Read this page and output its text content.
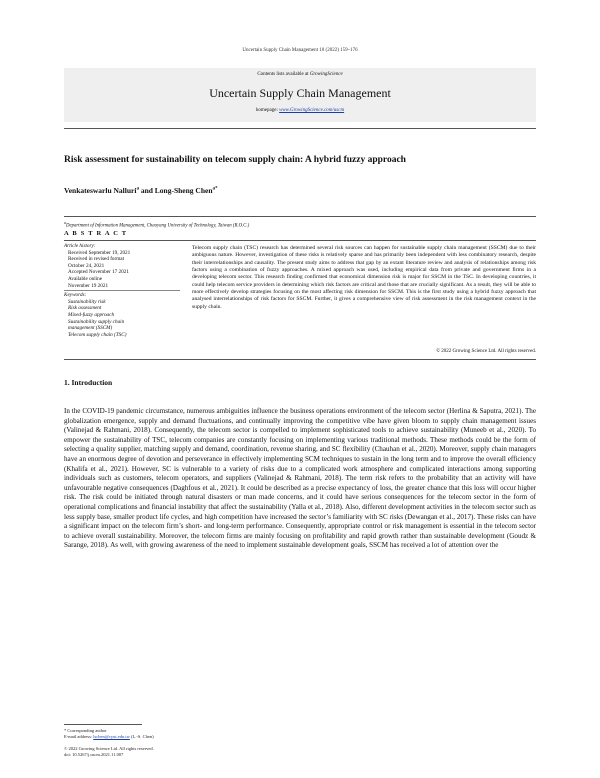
Uncertain Supply Chain Management 10 (2022) 159–176
Contents lists available at GrowingScience
Uncertain Supply Chain Management
homepage: www.GrowingScience.com/uscm
Risk assessment for sustainability on telecom supply chain: A hybrid fuzzy approach
Venkateswarlu Nalluri$^a$ and Long-Sheng Chen$^{a*}$
$^a$Department of Information Management, Chaoyang University of Technology, Taiwan (R.O.C.)
A B S T R A C T
Article history:
Received September 19, 2021
Received in revised format
October 24, 2021
Accepted November 17 2021
Available online
November 19 2021
Keywords:
Sustainability risk
Risk assessment
Mixed-fuzzy approach
Sustainability supply chain
management (SSCM)
Telecom supply chain (TSC)
Telecom supply chain (TSC) research has determined several risk sources can happen for sustainable supply chain management (SSCM) due to their ambiguous nature. However, investigation of these risks is relatively sparse and has primarily been independent with less combinatory research, despite their interrelationships and causality. The present study aims to address that gap by an extant literature review and analysis of relationships among risk factors using a combination of fuzzy approaches. A mixed approach was used, including empirical data from private and government firms in a developing telecom sector. This research finding confirmed that economical dimension risk is major for SSCM in the TSC. In developing countries, it could help telecom service providers in determining which risk factors are critical and those that are crucially significant. As a result, they will be able to more effectively develop strategies focusing on the most affecting risk dimension for SSCM. This is the first study using a hybrid fuzzy approach that analysed interrelationships of risk factors for SSCM. Further, it gives a comprehensive view of risk assessment in the risk management context in the supply chain.
© 2022 Growing Science Ltd. All rights reserved.
1. Introduction

In the COVID-19 pandemic circumstance, numerous ambiguities influence the business operations environment of the telecom sector (Herlina & Saputra, 2021). The globalization emergence, supply and demand fluctuations, and continually improving the competitive vibe have given bloom to supply chain management issues (Valinejad & Rahmani, 2018). Consequently, the telecom sector is compelled to implement sophisticated tools to achieve sustainability (Muneeb et al., 2020). To empower the sustainability of TSC, telecom companies are constantly focusing on implementing various traditional methods. These methods could be the form of selecting a quality supplier, matching supply and demand, coordination, revenue sharing, and SC flexibility (Chauhan et al., 2020). Moreover, supply chain managers have an enormous degree of devotion and perseverance in effectively implementing SCM techniques to sustain in the long term and to improve the overall efficiency (Khalifa et al., 2021). However, SC is vulnerable to a variety of risks due to a complicated work atmosphere and complicated interactions among supporting individuals such as customers, telecom operators, and suppliers (Valinejad & Rahmani, 2018). The term risk refers to the probability that an activity will have unfavourable negative consequences (Daghfous et al., 2021). It could be described as a precise expectancy of loss, the greater chance that this loss will occur higher risk. The risk could be initiated through natural disasters or man made concerns, and it could have serious consequences for the telecom sector in the form of operational complications and financial instability that affect the sustainability (Yalla et al., 2018). Also, different development activities in the telecom sector such as less supply base, smaller product life cycles, and high competition have increased the sector’s familiarity with SC risks (Dewangan et al., 2017). These risks can have a significant impact on the telecom firm’s short- and long-term performance. Consequently, appropriate control or risk management is essential in the telecom sector to achieve overall sustainability. Moreover, the telecom firms are mainly focusing on profitability and rapid growth rather than sustainable development (Goudz & Sarange, 2018). As well, with growing awareness of the need to implement sustainable development goals, SSCM has received a lot of attention over the

* Corresponding author
E-mail address: lschen@cyut.edu.tw (L.-S. Chen)
© 2022 Growing Science Ltd. All rights reserved.
doi: 10.5267/j.uscm.2021.11.007
